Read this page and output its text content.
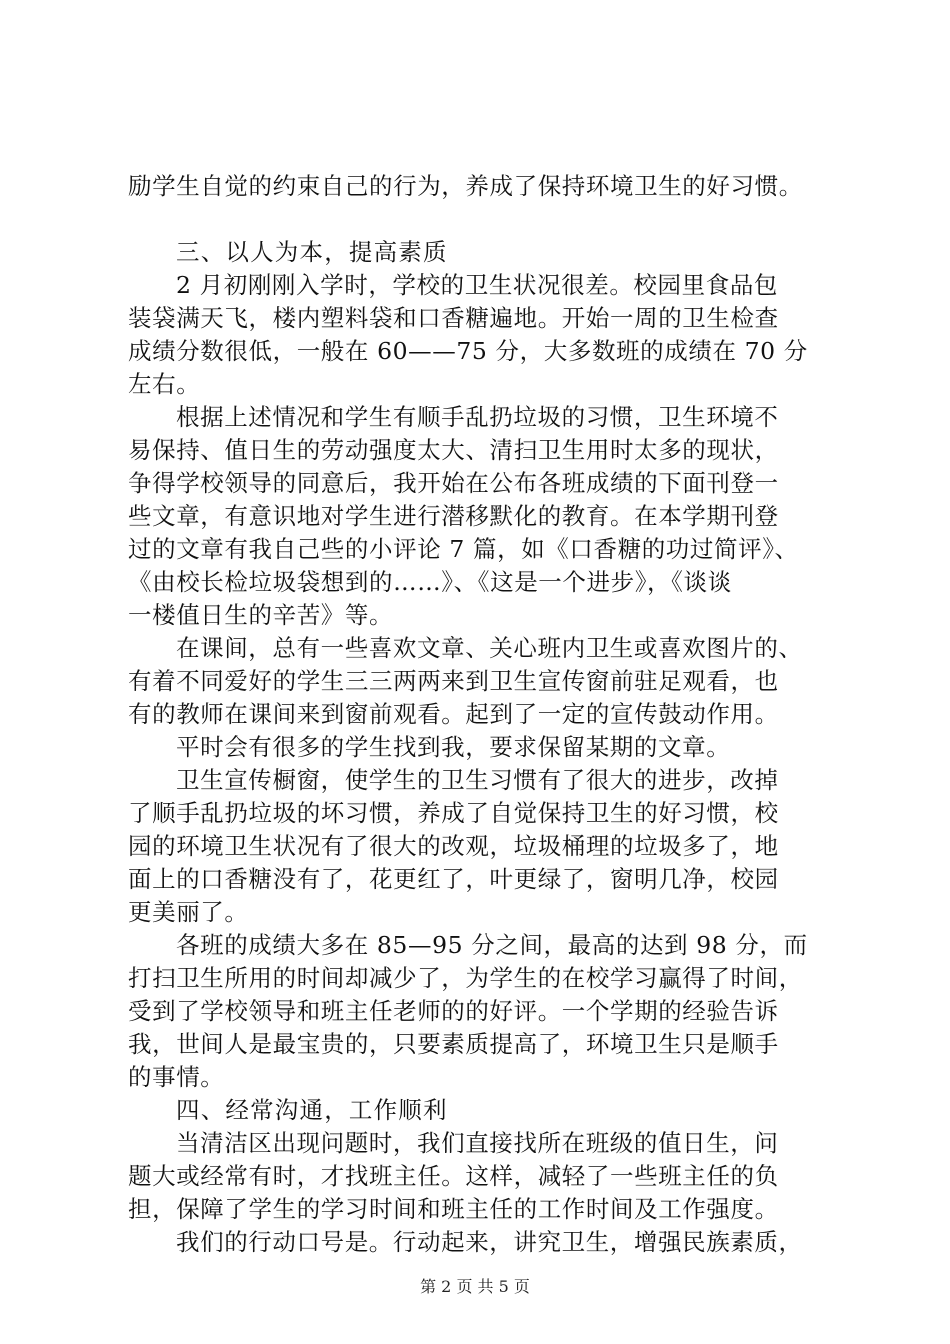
励学生自觉的约束自己的行为，养成了保持环境卫生的好习惯。
三、以人为本，提高素质
2 月初刚刚入学时，学校的卫生状况很差。校园里食品包
装袋满天飞，楼内塑料袋和口香糖遍地。开始一周的卫生检查
成绩分数很低，一般在 60——75 分，大多数班的成绩在 70 分
左右。
根据上述情况和学生有顺手乱扔垃圾的习惯，卫生环境不
易保持、值日生的劳动强度太大、清扫卫生用时太多的现状，
争得学校领导的同意后，我开始在公布各班成绩的下面刊登一
些文章，有意识地对学生进行潜移默化的教育。在本学期刊登
过的文章有我自己些的小评论 7 篇，如《口香糖的功过简评》、
《由校长检垃圾袋想到的……》、《这是一个进步》，《谈谈
一楼值日生的辛苦》等。
在课间，总有一些喜欢文章、关心班内卫生或喜欢图片的、
有着不同爱好的学生三三两两来到卫生宣传窗前驻足观看，也
有的教师在课间来到窗前观看。起到了一定的宣传鼓动作用。
平时会有很多的学生找到我，要求保留某期的文章。
卫生宣传橱窗，使学生的卫生习惯有了很大的进步，改掉
了顺手乱扔垃圾的坏习惯，养成了自觉保持卫生的好习惯，校
园的环境卫生状况有了很大的改观，垃圾桶理的垃圾多了，地
面上的口香糖没有了，花更红了，叶更绿了，窗明几净，校园
更美丽了。
各班的成绩大多在 85—95 分之间，最高的达到 98 分，而
打扫卫生所用的时间却减少了，为学生的在校学习赢得了时间，
受到了学校领导和班主任老师的的好评。一个学期的经验告诉
我，世间人是最宝贵的，只要素质提高了，环境卫生只是顺手
的事情。
四、经常沟通，工作顺利
当清洁区出现问题时，我们直接找所在班级的值日生，问
题大或经常有时，才找班主任。这样，减轻了一些班主任的负
担，保障了学生的学习时间和班主任的工作时间及工作强度。
我们的行动口号是。行动起来，讲究卫生，增强民族素质，
第 2 页 共 5 页
